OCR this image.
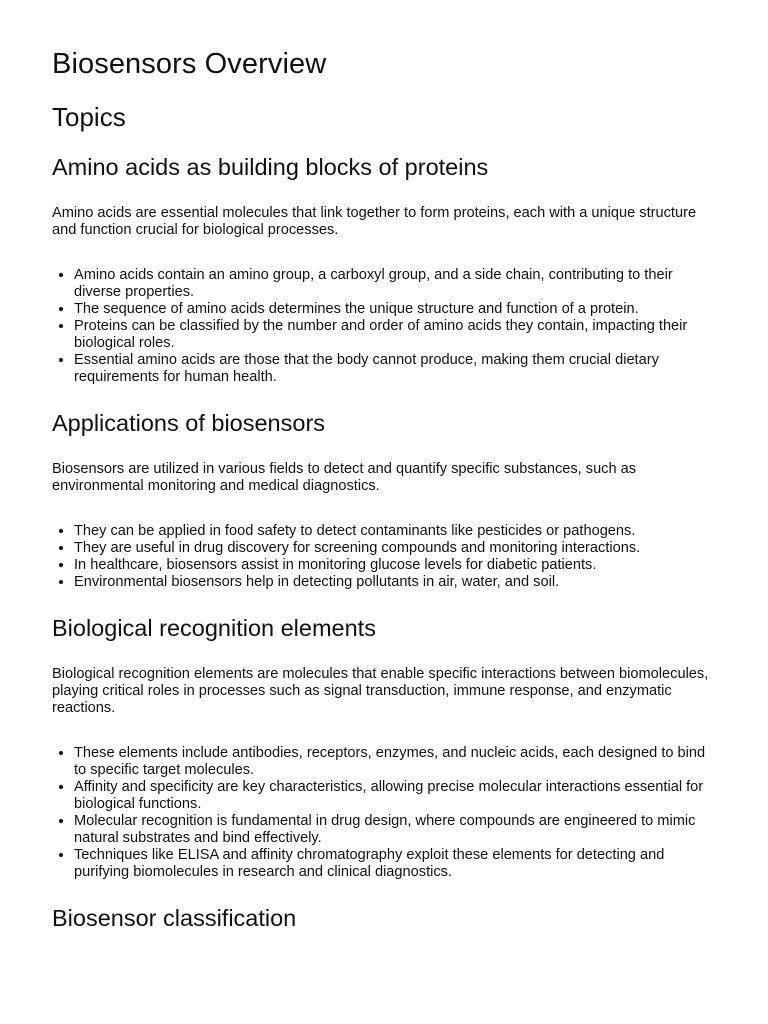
Biosensors Overview
Topics
Amino acids as building blocks of proteins

Amino acids are essential molecules that link together to form proteins, each with a unique structure and function crucial for biological processes.

• Amino acids contain an amino group, a carboxyl group, and a side chain, contributing to their diverse properties.
• The sequence of amino acids determines the unique structure and function of a protein.
• Proteins can be classified by the number and order of amino acids they contain, impacting their biological roles.
• Essential amino acids are those that the body cannot produce, making them crucial dietary requirements for human health.
Applications of biosensors

Biosensors are utilized in various fields to detect and quantify specific substances, such as environmental monitoring and medical diagnostics.

• They can be applied in food safety to detect contaminants like pesticides or pathogens.
• They are useful in drug discovery for screening compounds and monitoring interactions.
• In healthcare, biosensors assist in monitoring glucose levels for diabetic patients.
• Environmental biosensors help in detecting pollutants in air, water, and soil.
Biological recognition elements

Biological recognition elements are molecules that enable specific interactions between biomolecules, playing critical roles in processes such as signal transduction, immune response, and enzymatic reactions.

• These elements include antibodies, receptors, enzymes, and nucleic acids, each designed to bind to specific target molecules.
• Affinity and specificity are key characteristics, allowing precise molecular interactions essential for biological functions.
• Molecular recognition is fundamental in drug design, where compounds are engineered to mimic natural substrates and bind effectively.
• Techniques like ELISA and affinity chromatography exploit these elements for detecting and purifying biomolecules in research and clinical diagnostics.
Biosensor classification
